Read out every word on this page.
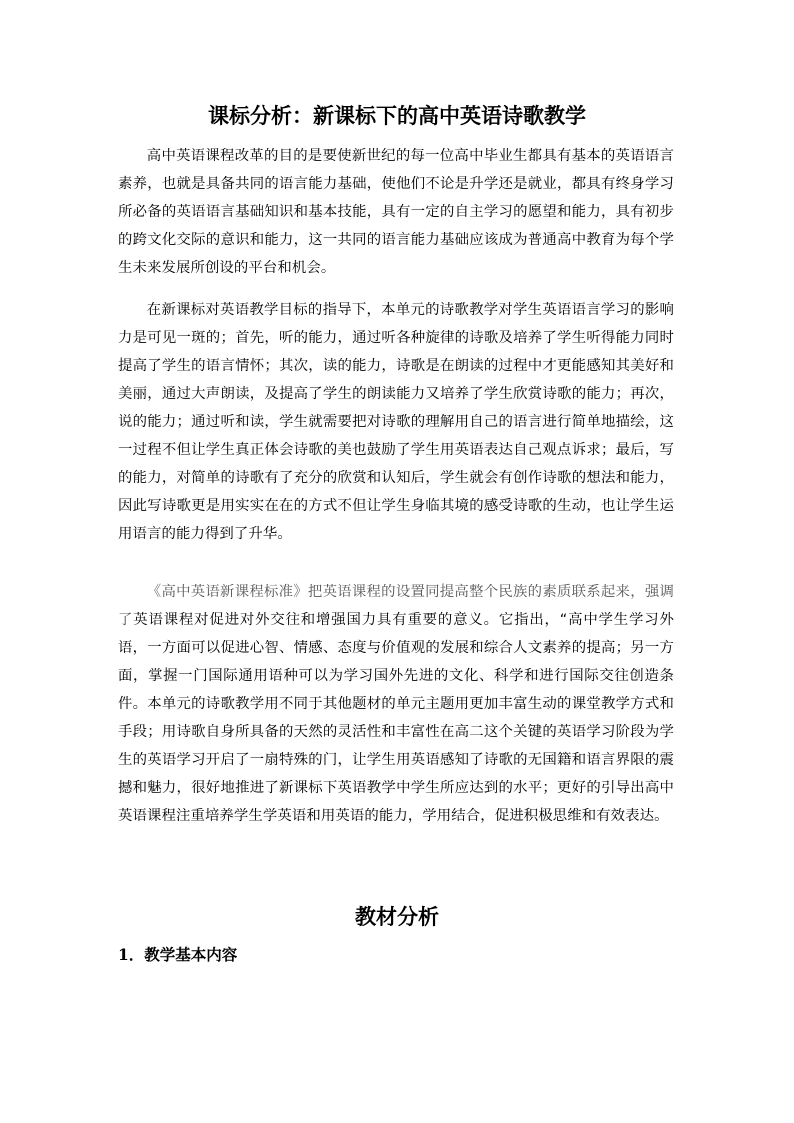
课标分析：新课标下的高中英语诗歌教学

高中英语课程改革的目的是要使新世纪的每一位高中毕业生都具有基本的英语语言素养，也就是具备共同的语言能力基础，使他们不论是升学还是就业，都具有终身学习所必备的英语语言基础知识和基本技能，具有一定的自主学习的愿望和能力，具有初步的跨文化交际的意识和能力，这一共同的语言能力基础应该成为普通高中教育为每个学生未来发展所创设的平台和机会。

在新课标对英语教学目标的指导下，本单元的诗歌教学对学生英语语言学习的影响力是可见一斑的；首先，听的能力，通过听各种旋律的诗歌及培养了学生听得能力同时提高了学生的语言情怀；其次，读的能力，诗歌是在朗读的过程中才更能感知其美好和美丽，通过大声朗读，及提高了学生的朗读能力又培养了学生欣赏诗歌的能力；再次，说的能力；通过听和读，学生就需要把对诗歌的理解用自己的语言进行简单地描绘，这一过程不但让学生真正体会诗歌的美也鼓励了学生用英语表达自己观点诉求；最后，写的能力，对简单的诗歌有了充分的欣赏和认知后，学生就会有创作诗歌的想法和能力，因此写诗歌更是用实实在在的方式不但让学生身临其境的感受诗歌的生动，也让学生运用语言的能力得到了升华。

《高中英语新课程标准》把英语课程的设置同提高整个民族的素质联系起来，强调了英语课程对促进对外交往和增强国力具有重要的意义。它指出，“高中学生学习外语，一方面可以促进心智、情感、态度与价值观的发展和综合人文素养的提高；另一方面，掌握一门国际通用语种可以为学习国外先进的文化、科学和进行国际交往创造条件。本单元的诗歌教学用不同于其他题材的单元主题用更加丰富生动的课堂教学方式和手段；用诗歌自身所具备的天然的灵活性和丰富性在高二这个关键的英语学习阶段为学生的英语学习开启了一扇特殊的门，让学生用英语感知了诗歌的无国籍和语言界限的震撼和魅力，很好地推进了新课标下英语教学中学生所应达到的水平；更好的引导出高中英语课程注重培养学生学英语和用英语的能力，学用结合，促进积极思维和有效表达。

教材分析
1．教学基本内容
